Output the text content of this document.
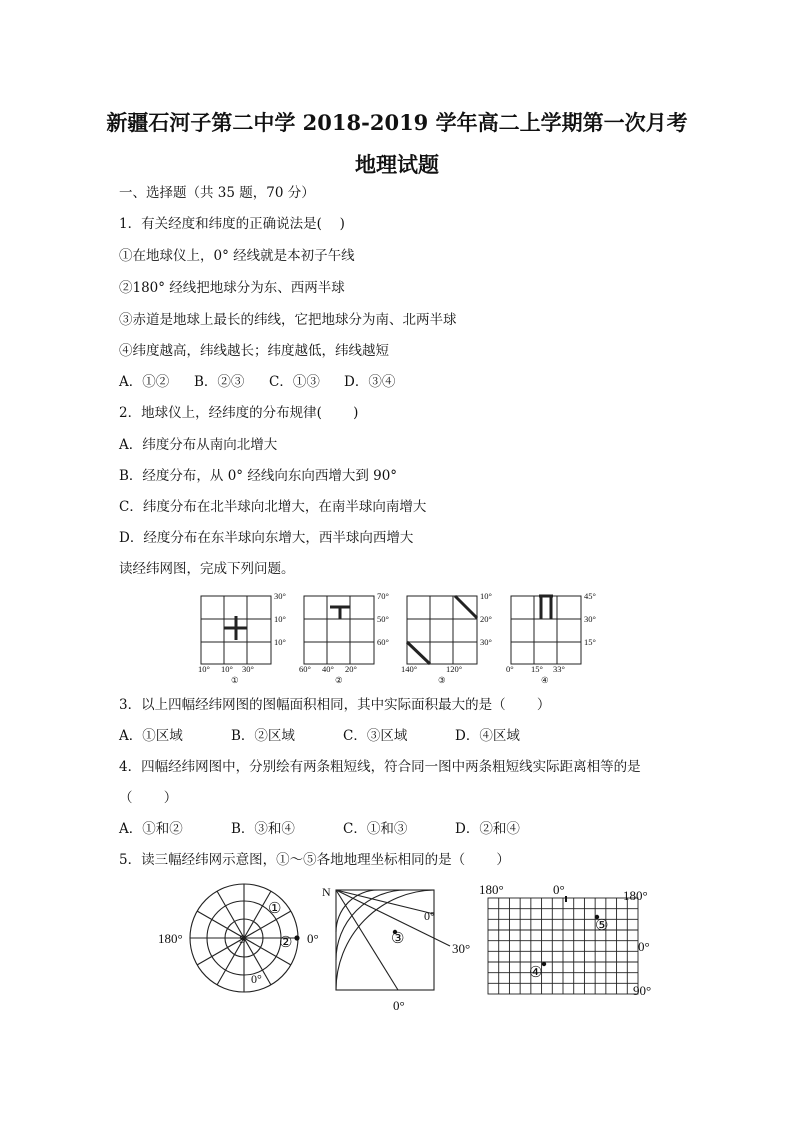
新疆石河子第二中学 2018-2019 学年高二上学期第一次月考
地理试题
一、选择题（共 35 题，70 分）
1．有关经度和纬度的正确说法是(　 )
①在地球仪上，0° 经线就是本初子午线
②180° 经线把地球分为东、西两半球
③赤道是地球上最长的纬线，它把地球分为南、北两半球
④纬度越高，纬线越长；纬度越低，纬线越短
A．①② B．②③ C．①③ D．③④
2．地球仪上，经纬度的分布规律(　 　)
A．纬度分布从南向北增大
B．经度分布，从 0° 经线向东向西增大到 90°
C．纬度分布在北半球向北增大，在南半球向南增大
D．经度分布在东半球向东增大，西半球向西增大
读经纬网图，完成下列问题。
30°
10°
10°
10° 10° 30°
①
70°
50°
60°
60° 40° 20°
②
10°
20°
30°
140°	120°
③
45°
30°
15°
0° 15° 33°
④
3．以上四幅经纬网图的图幅面积相同，其中实际面积最大的是（　 　）
A．①区域	B．②区域	C．③区域	D．④区域
4．四幅经纬网图中，分别绘有两条粗短线，符合同一图中两条粗短线实际距离相等的是
（　 　）
A．①和②	B．③和④	C．①和③	D．②和④
5．读三幅经纬网示意图，①～⑤各地地理坐标相同的是（　 　）
180°	0°
0°
S
①
②
N
0°
30°
0°
③
180°	0°	180°
0°
90°
④
⑤
